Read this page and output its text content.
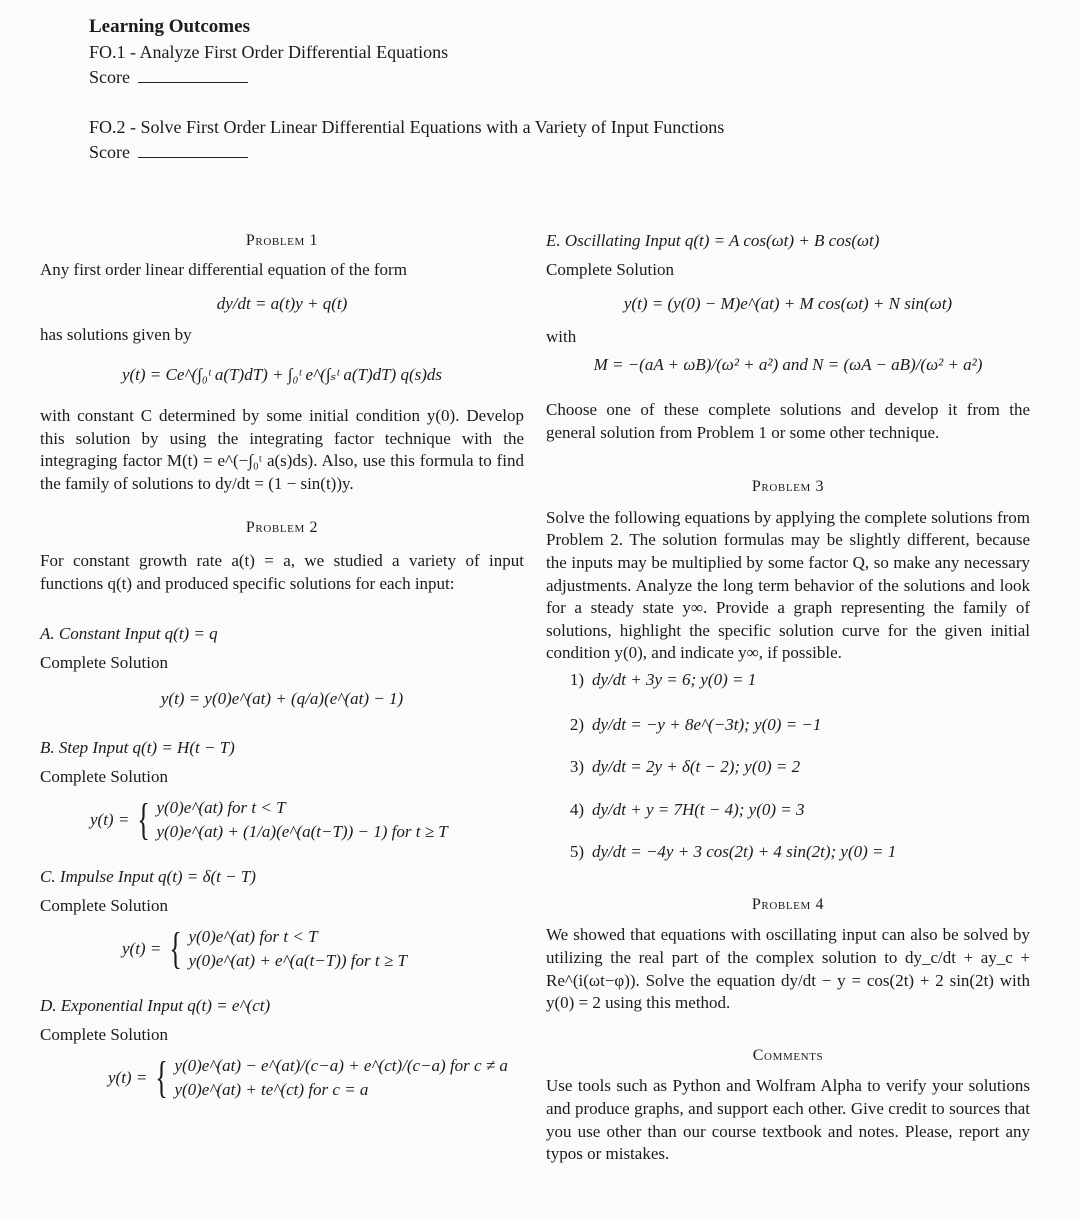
Learning Outcomes
FO.1 - Analyze First Order Differential Equations
Score
FO.2 - Solve First Order Linear Differential Equations with a Variety of Input Functions
Score
Problem 1

Any first order linear differential equation of the form

dy/dt = a(t)y + q(t)

has solutions given by

y(t) = Ce^(∫₀ᵗ a(T)dT) + ∫₀ᵗ e^(∫ₛᵗ a(T)dT) q(s)ds

with constant C determined by some initial condition y(0). Develop this solution by using the integrating factor technique with the integraging factor M(t) = e^(−∫₀ᵗ a(s)ds). Also, use this formula to find the family of solutions to dy/dt = (1 − sin(t))y.

Problem 2

For constant growth rate a(t) = a, we studied a variety of input functions q(t) and produced specific solutions for each input:

A. Constant Input q(t) = q

Complete Solution

y(t) = y(0)e^(at) + (q/a)(e^(at) − 1)

B. Step Input q(t) = H(t − T)

Complete Solution

y(t) = { y(0)e^(at) for t < T
y(0)e^(at) + (1/a)(e^(a(t−T)) − 1) for t ≥ T

C. Impulse Input q(t) = δ(t − T)

Complete Solution

y(t) = { y(0)e^(at) for t < T
y(0)e^(at) + e^(a(t−T)) for t ≥ T

D. Exponential Input q(t) = e^(ct)

Complete Solution

y(t) = { y(0)e^(at) − e^(at)/(c−a) + e^(ct)/(c−a) for c ≠ a
y(0)e^(at) + te^(ct) for c = a

E. Oscillating Input q(t) = A cos(ωt) + B cos(ωt)

Complete Solution

y(t) = (y(0) − M)e^(at) + M cos(ωt) + N sin(ωt)

with

M = −(aA + ωB)/(ω² + a²) and N = (ωA − aB)/(ω² + a²)

Choose one of these complete solutions and develop it from the general solution from Problem 1 or some other technique.

Problem 3

Solve the following equations by applying the complete solutions from Problem 2. The solution formulas may be slightly different, because the inputs may be multiplied by some factor Q, so make any necessary adjustments. Analyze the long term behavior of the solutions and look for a steady state y∞. Provide a graph representing the family of solutions, highlight the specific solution curve for the given initial condition y(0), and indicate y∞, if possible.

1) dy/dt + 3y = 6; y(0) = 1
2) dy/dt = −y + 8e^(−3t); y(0) = −1
3) dy/dt = 2y + δ(t − 2); y(0) = 2
4) dy/dt + y = 7H(t − 4); y(0) = 3
5) dy/dt = −4y + 3 cos(2t) + 4 sin(2t); y(0) = 1
Problem 4

We showed that equations with oscillating input can also be solved by utilizing the real part of the complex solution to dy_c/dt + ay_c + Re^(i(ωt−φ)). Solve the equation dy/dt − y = cos(2t) + 2 sin(2t) with y(0) = 2 using this method.

Comments

Use tools such as Python and Wolfram Alpha to verify your solutions and produce graphs, and support each other. Give credit to sources that you use other than our course textbook and notes. Please, report any typos or mistakes.
